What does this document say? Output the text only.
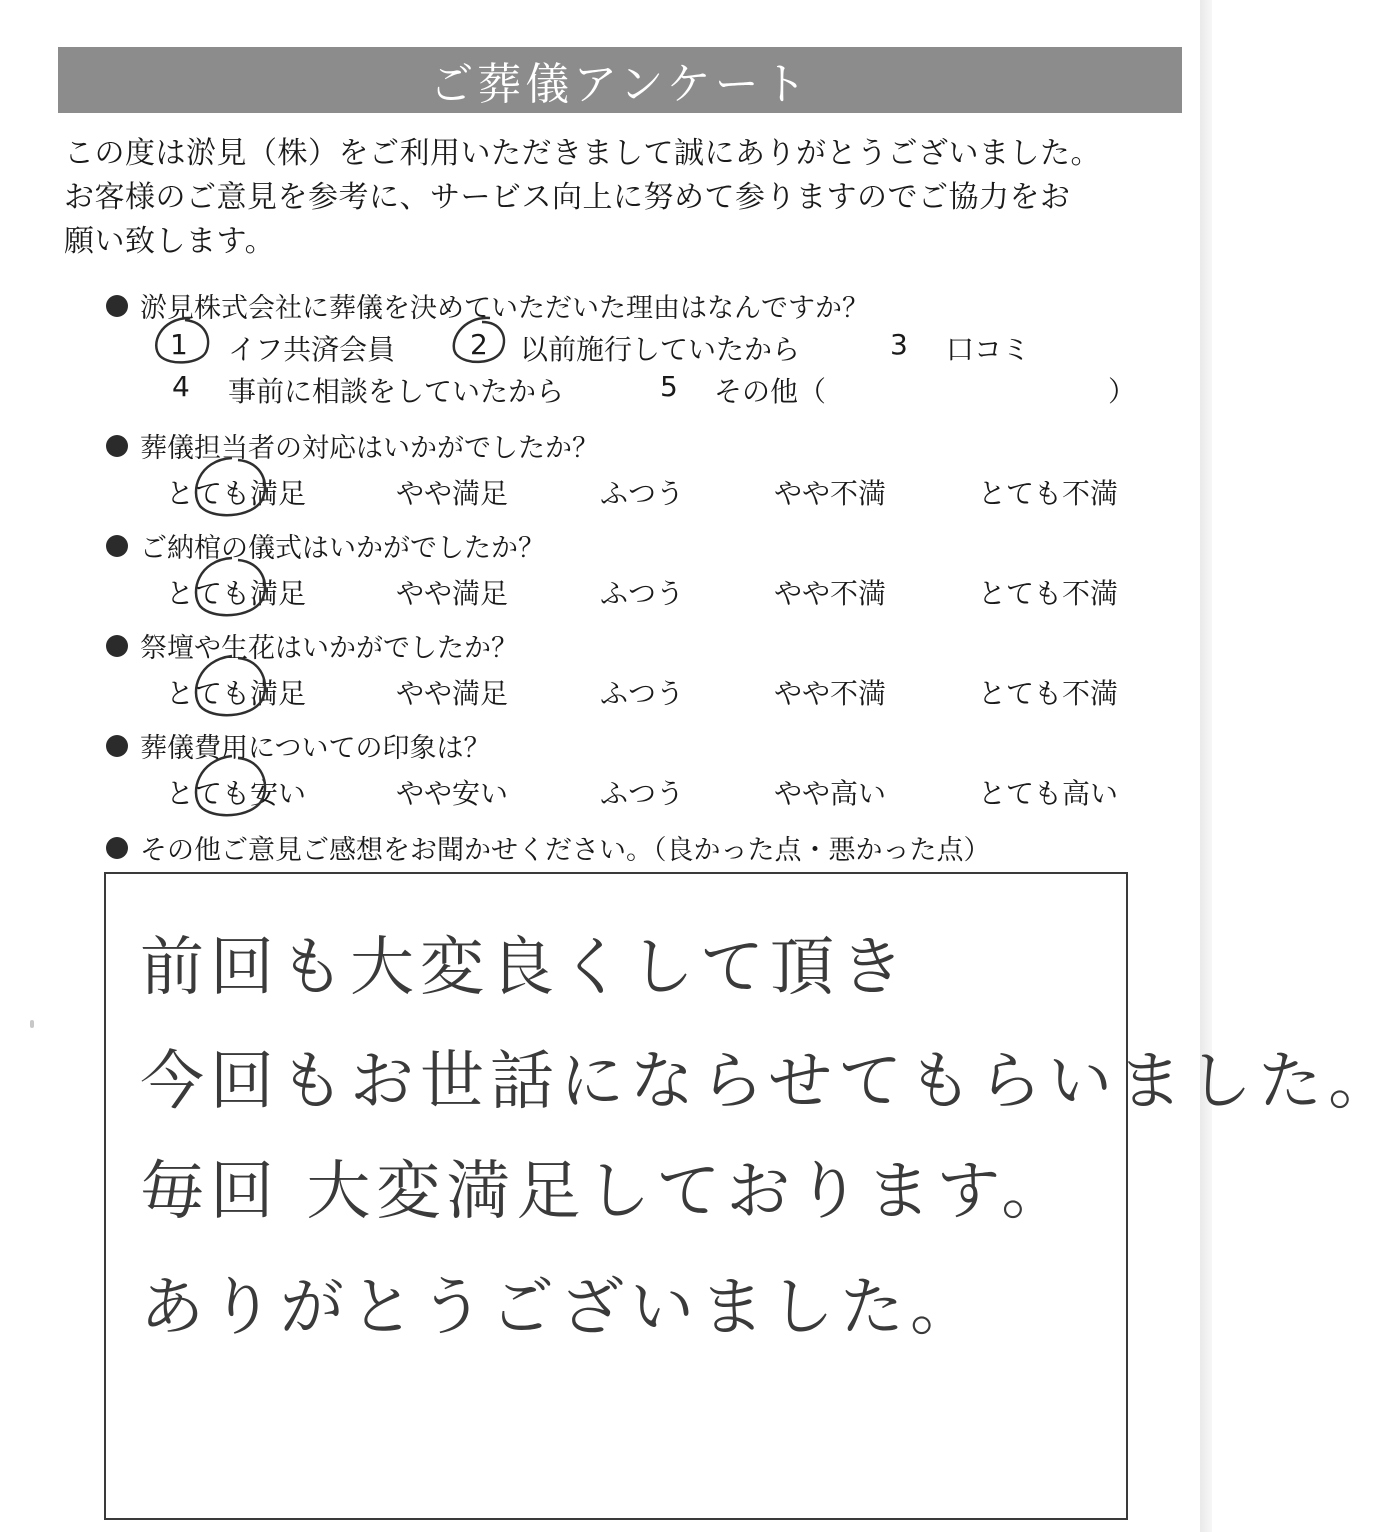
ご葬儀アンケート
この度は淤見（株）をご利用いただきまして誠にありがとうございました。
お客様のご意見を参考に、サービス向上に努めて参りますのでご協力をお
願い致します。
淤見株式会社に葬儀を決めていただいた理由はなんですか？
1 イフ共済会員	2 以前施行していたから	3 口コミ
4 事前に相談をしていたから	5 その他（	）
葬儀担当者の対応はいかがでしたか？
とても満足	やや満足	ふつう	やや不満	とても不満
ご納棺の儀式はいかがでしたか？
とても満足	やや満足	ふつう	やや不満	とても不満
祭壇や生花はいかがでしたか？
とても満足	やや満足	ふつう	やや不満	とても不満
葬儀費用についての印象は？
とても安い	やや安い	ふつう	やや高い	とても高い
その他ご意見ご感想をお聞かせください。（良かった点・悪かった点）
前回も大変良くして頂き
今回もお世話にならせてもらいました。
毎回 大変満足しております。
ありがとうございました。
